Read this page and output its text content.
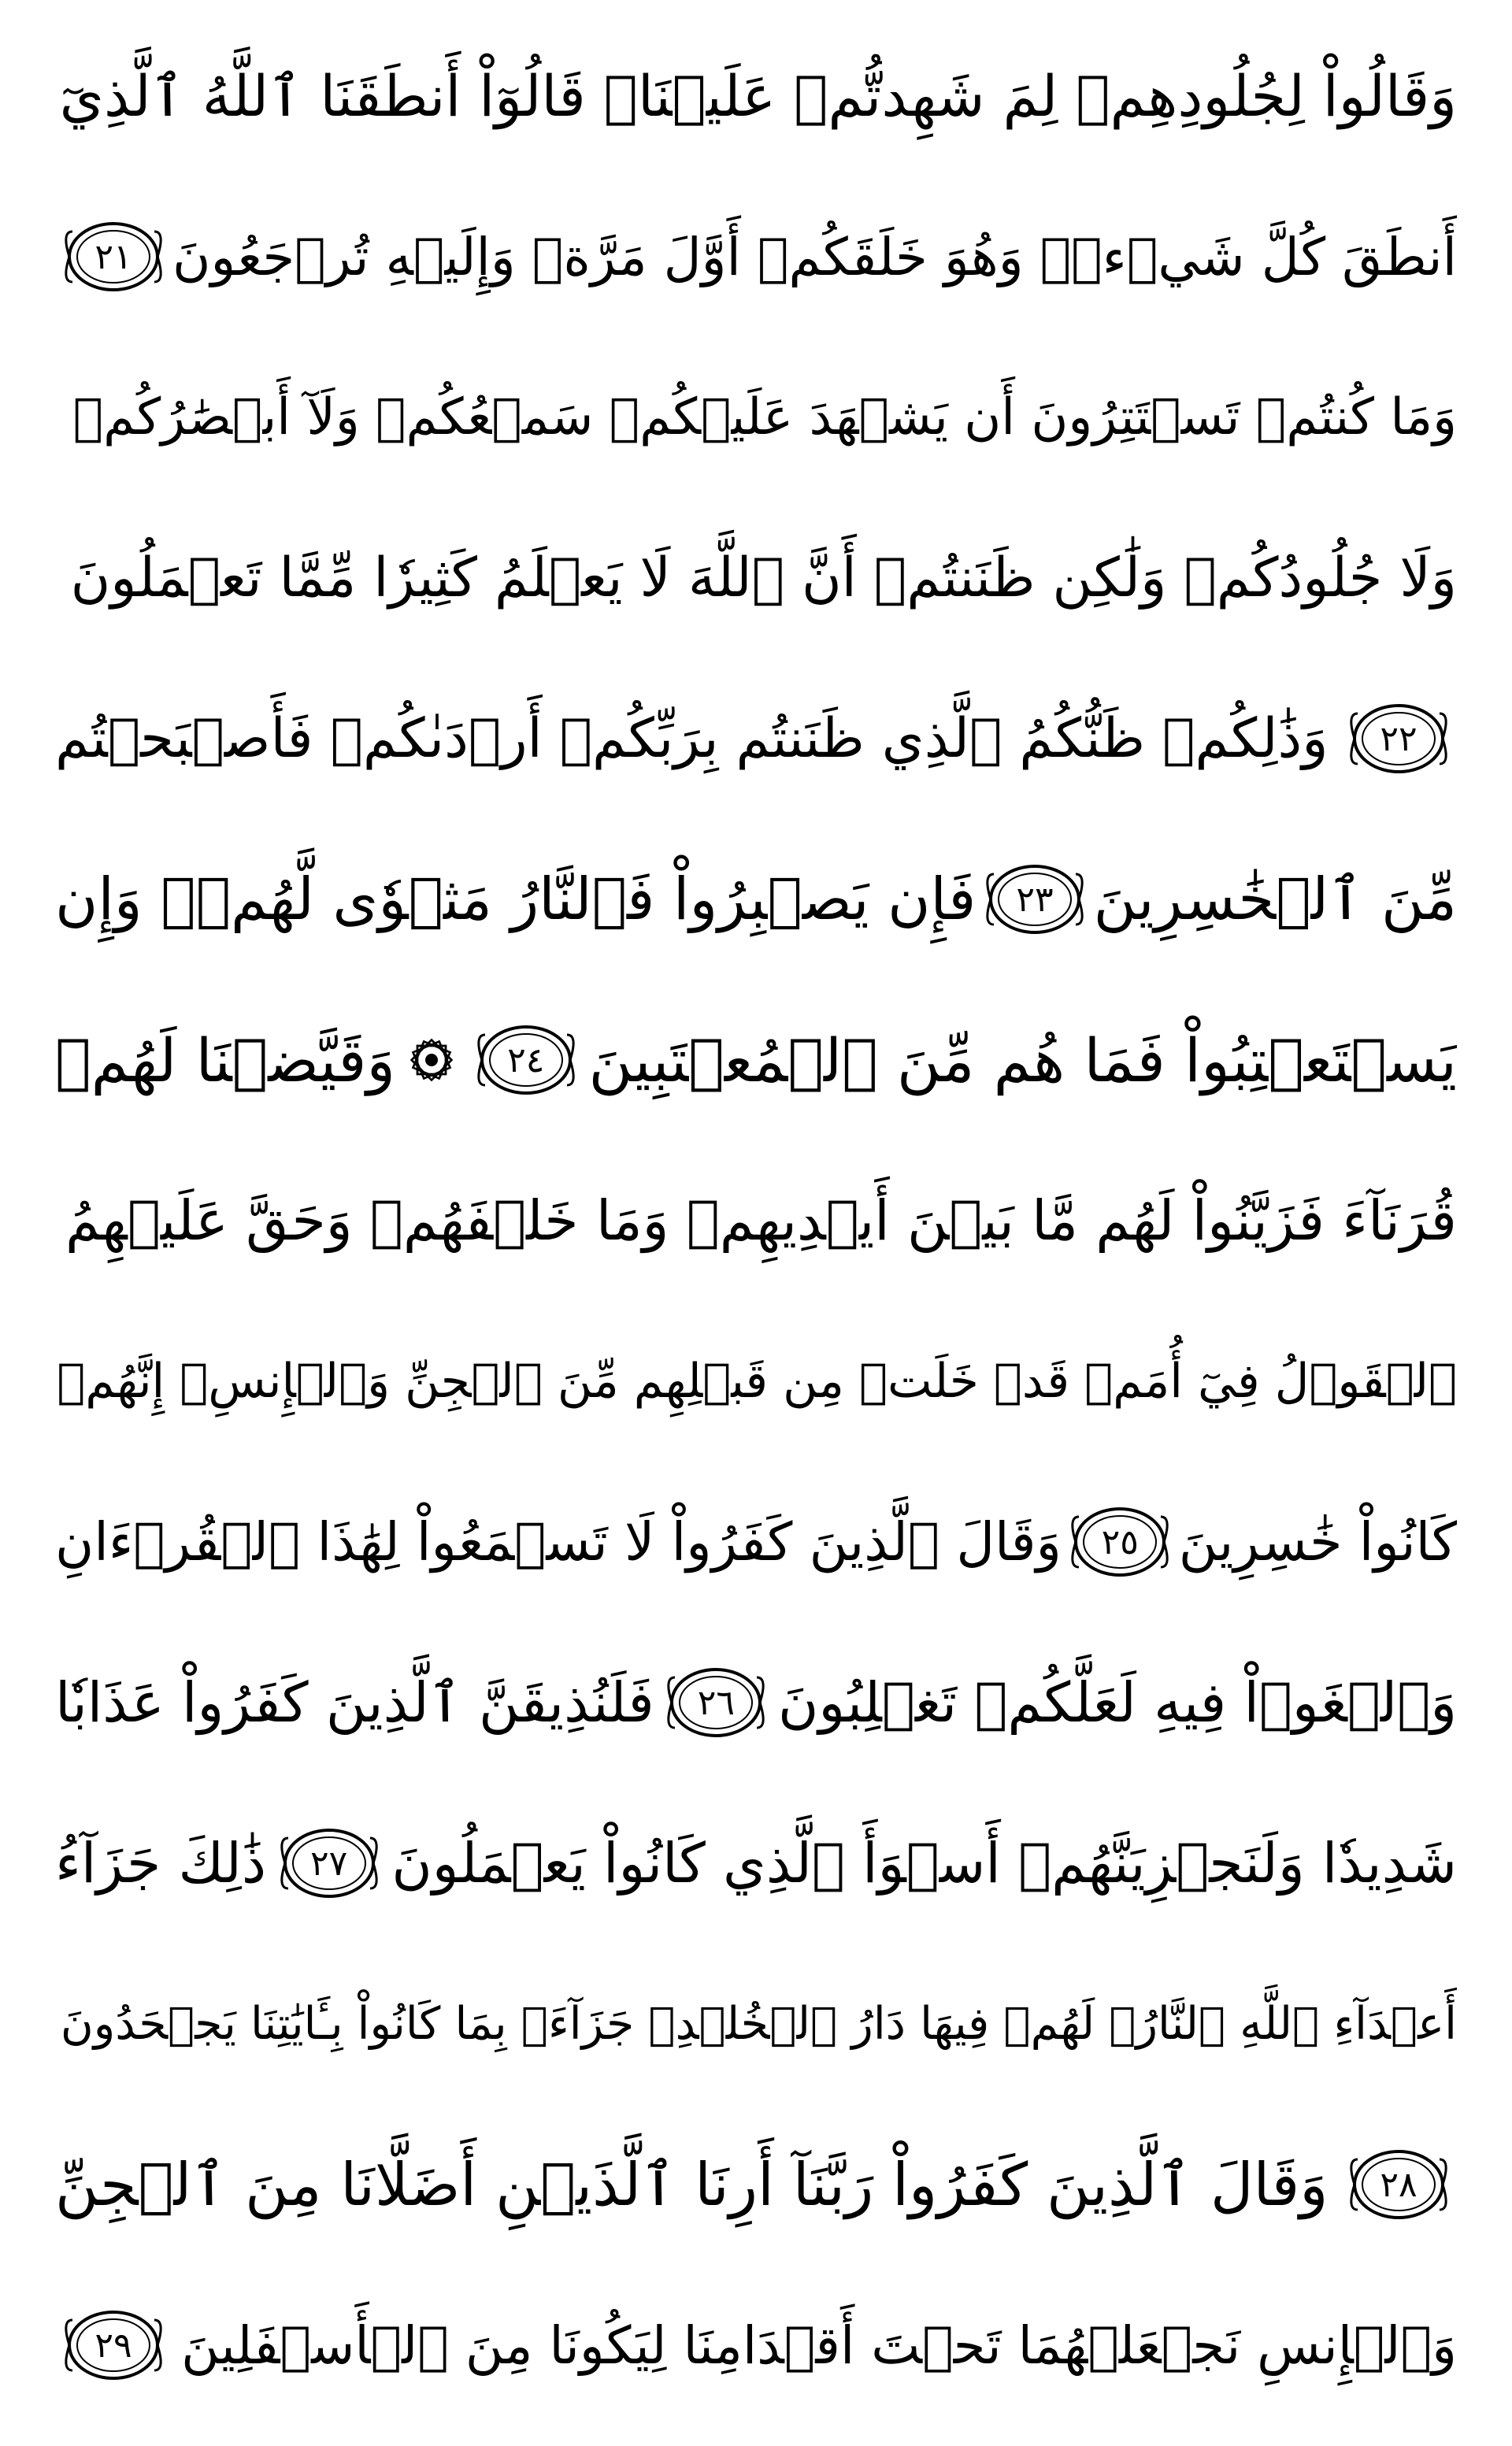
وَقَالُواْ لِجُلُودِهِمۡ لِمَ شَهِدتُّمۡ عَلَيۡنَاۖ قَالُوٓاْ أَنطَقَنَا ٱللَّهُ ٱلَّذِيٓ
أَنطَقَ كُلَّ شَيۡءٖۚ وَهُوَ خَلَقَكُمۡ أَوَّلَ مَرَّةٖ وَإِلَيۡهِ تُرۡجَعُونَ
٢١
وَمَا كُنتُمۡ تَسۡتَتِرُونَ أَن يَشۡهَدَ عَلَيۡكُمۡ سَمۡعُكُمۡ وَلَآ أَبۡصَٰرُكُمۡ
وَلَا جُلُودُكُمۡ وَلَٰكِن ظَنَنتُمۡ أَنَّ ٱللَّهَ لَا يَعۡلَمُ كَثِيرٗا مِّمَّا تَعۡمَلُونَ
٢٢
وَذَٰلِكُمۡ ظَنُّكُمُ ٱلَّذِي ظَنَنتُم بِرَبِّكُمۡ أَرۡدَىٰكُمۡ فَأَصۡبَحۡتُم
مِّنَ ٱلۡخَٰسِرِينَ
٢٣
فَإِن يَصۡبِرُواْ فَٱلنَّارُ مَثۡوٗى لَّهُمۡۖ وَإِن
يَسۡتَعۡتِبُواْ فَمَا هُم مِّنَ ٱلۡمُعۡتَبِينَ
٢٤
وَقَيَّضۡنَا لَهُمۡ
قُرَنَآءَ فَزَيَّنُواْ لَهُم مَّا بَيۡنَ أَيۡدِيهِمۡ وَمَا خَلۡفَهُمۡ وَحَقَّ عَلَيۡهِمُ
ٱلۡقَوۡلُ فِيٓ أُمَمٖ قَدۡ خَلَتۡ مِن قَبۡلِهِم مِّنَ ٱلۡجِنِّ وَٱلۡإِنسِۖ إِنَّهُمۡ
كَانُواْ خَٰسِرِينَ
٢٥
وَقَالَ ٱلَّذِينَ كَفَرُواْ لَا تَسۡمَعُواْ لِهَٰذَا ٱلۡقُرۡءَانِ
وَٱلۡغَوۡاْ فِيهِ لَعَلَّكُمۡ تَغۡلِبُونَ
٢٦
فَلَنُذِيقَنَّ ٱلَّذِينَ كَفَرُواْ عَذَابٗا
شَدِيدٗا وَلَنَجۡزِيَنَّهُمۡ أَسۡوَأَ ٱلَّذِي كَانُواْ يَعۡمَلُونَ
٢٧
ذَٰلِكَ جَزَآءُ
أَعۡدَآءِ ٱللَّهِ ٱلنَّارُۖ لَهُمۡ فِيهَا دَارُ ٱلۡخُلۡدِۖ جَزَآءَۢ بِمَا كَانُواْ بِـَٔايَٰتِنَا يَجۡحَدُونَ
٢٨
وَقَالَ ٱلَّذِينَ كَفَرُواْ رَبَّنَآ أَرِنَا ٱلَّذَيۡنِ أَضَلَّانَا مِنَ ٱلۡجِنِّ
وَٱلۡإِنسِ نَجۡعَلۡهُمَا تَحۡتَ أَقۡدَامِنَا لِيَكُونَا مِنَ ٱلۡأَسۡفَلِينَ
٢٩
